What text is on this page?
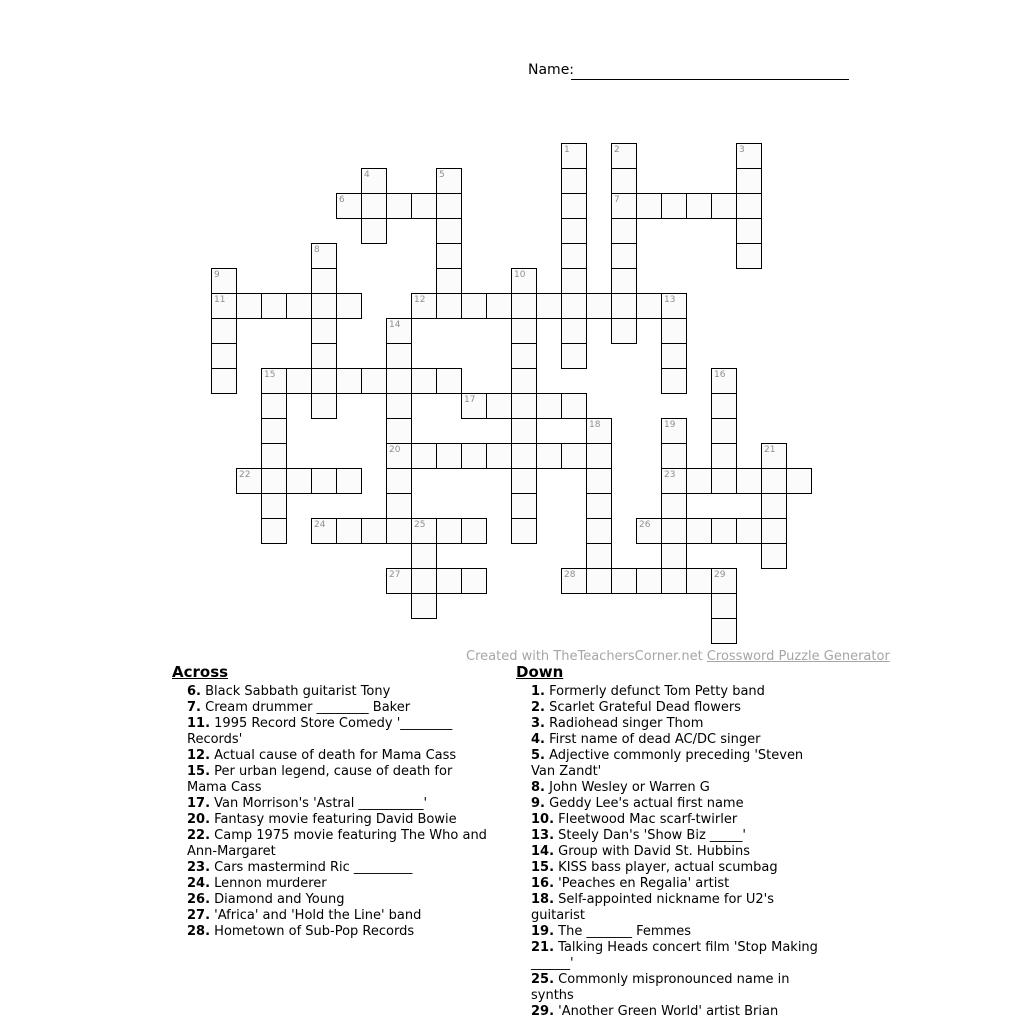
Name:
1	2	3
4	5
6	7
8
9	10
11	12	13
14
15	16
17
18	19
20	21
22	23
24	25	26
27	28	29
Created with TheTeachersCorner.net Crossword Puzzle Generator
Across

6. Black Sabbath guitarist Tony

7. Cream drummer ________ Baker

11. 1995 Record Store Comedy '________ Records'

12. Actual cause of death for Mama Cass

15. Per urban legend, cause of death for Mama Cass

17. Van Morrison's 'Astral __________'

20. Fantasy movie featuring David Bowie

22. Camp 1975 movie featuring The Who and Ann-Margaret

23. Cars mastermind Ric _________

24. Lennon murderer

26. Diamond and Young

27. 'Africa' and 'Hold the Line' band

28. Hometown of Sub-Pop Records

Down

1. Formerly defunct Tom Petty band

2. Scarlet Grateful Dead flowers

3. Radiohead singer Thom

4. First name of dead AC/DC singer

5. Adjective commonly preceding 'Steven Van Zandt'

8. John Wesley or Warren G

9. Geddy Lee's actual first name

10. Fleetwood Mac scarf-twirler

13. Steely Dan's 'Show Biz _____'

14. Group with David St. Hubbins

15. KISS bass player, actual scumbag

16. 'Peaches en Regalia' artist

18. Self-appointed nickname for U2's guitarist

19. The _______ Femmes

21. Talking Heads concert film 'Stop Making ______'

25. Commonly mispronounced name in synths

29. 'Another Green World' artist Brian
